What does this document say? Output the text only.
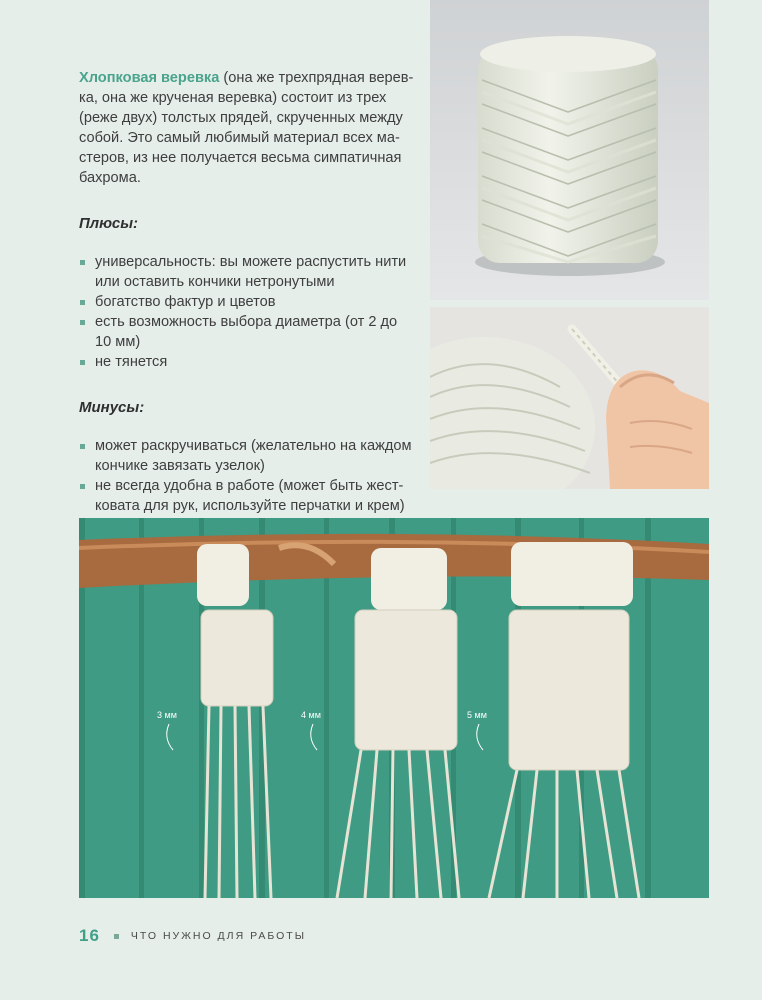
Хлопковая веревка (она же трехпрядная верев-
ка, она же крученая веревка) состоит из трех
(реже двух) толстых прядей, скрученных между
собой. Это самый любимый материал всех ма-
стеров, из нее получается весьма симпатичная
бахрома.

Плюсы:
универсальность: вы можете распустить нити
или оставить кончики нетронутыми
богатство фактур и цветов
есть возможность выбора диаметра (от 2 до
10 мм)
не тянется
Минусы:
может раскручиваться (желательно на каждом
кончике завязать узелок)
не всегда удобна в работе (может быть жест-
ковата для рук, используйте перчатки и крем)
3 мм	4 мм	5 мм
16	ЧТО НУЖНО ДЛЯ РАБОТЫ
